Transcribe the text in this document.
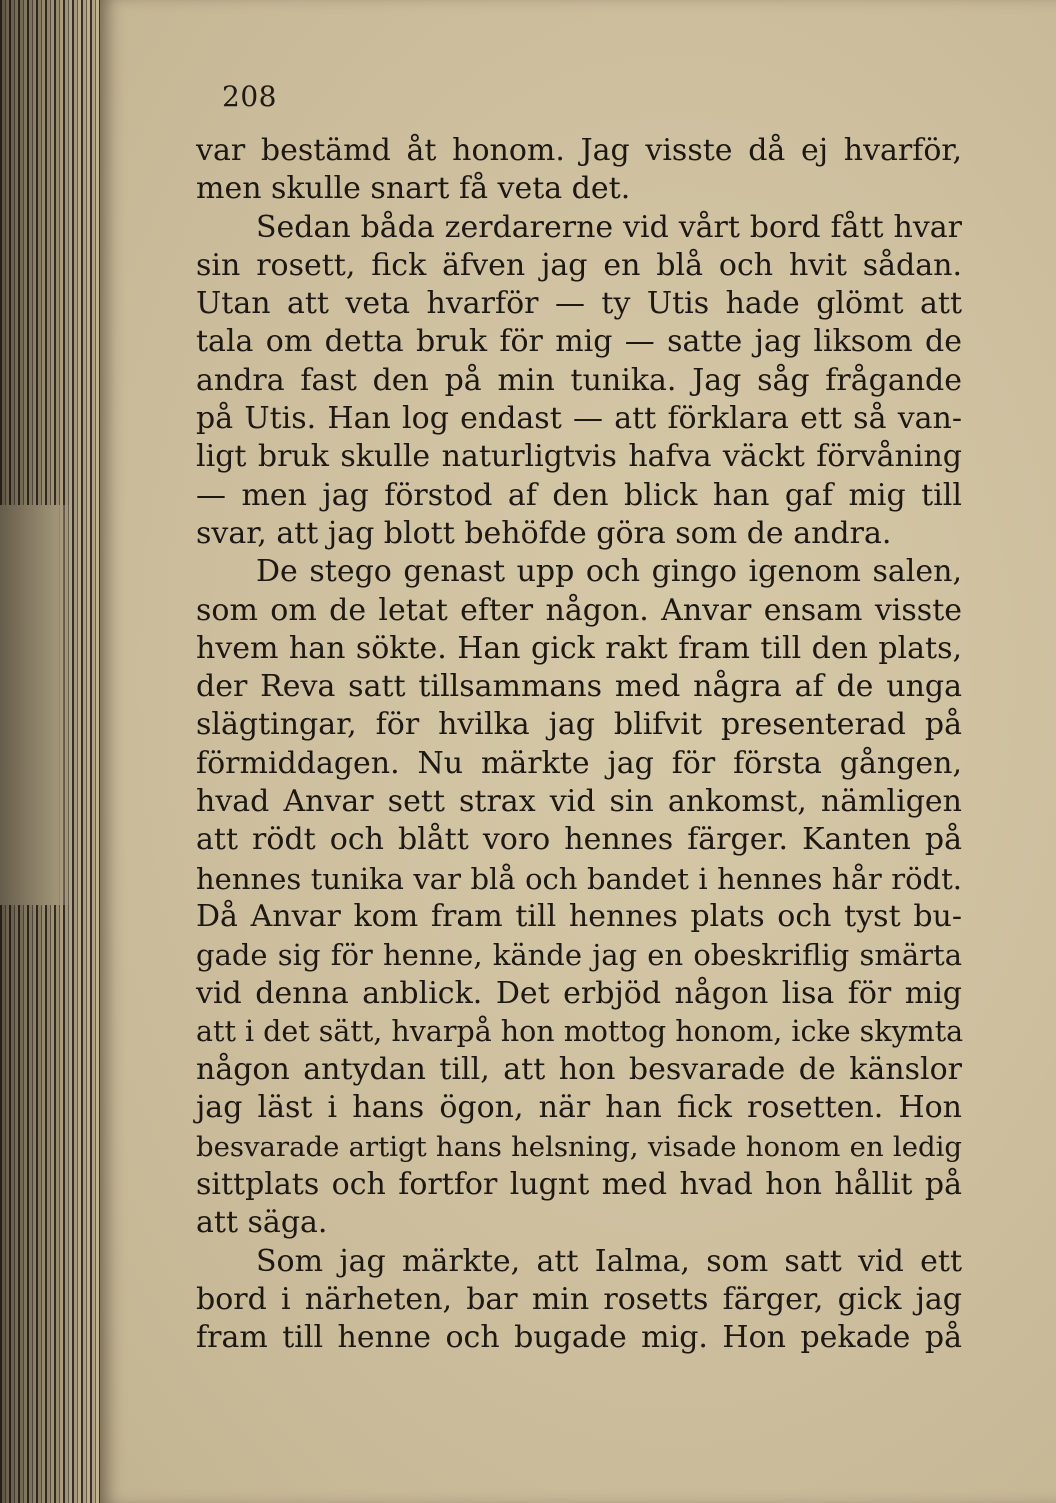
208
var bestämd åt honom. Jag visste då ej hvarför,
men skulle snart få veta det.
Sedan båda zerdarerne vid vårt bord fått hvar
sin rosett, fick äfven jag en blå och hvit sådan.
Utan att veta hvarför — ty Utis hade glömt att
tala om detta bruk för mig — satte jag liksom de
andra fast den på min tunika. Jag såg frågande
på Utis. Han log endast — att förklara ett så van-
ligt bruk skulle naturligtvis hafva väckt förvåning
— men jag förstod af den blick han gaf mig till
svar, att jag blott behöfde göra som de andra.
De stego genast upp och gingo igenom salen,
som om de letat efter någon. Anvar ensam visste
hvem han sökte. Han gick rakt fram till den plats,
der Reva satt tillsammans med några af de unga
slägtingar, för hvilka jag blifvit presenterad på
förmiddagen. Nu märkte jag för första gången,
hvad Anvar sett strax vid sin ankomst, nämligen
att rödt och blått voro hennes färger. Kanten på
hennes tunika var blå och bandet i hennes hår rödt.
Då Anvar kom fram till hennes plats och tyst bu-
gade sig för henne, kände jag en obeskriflig smärta
vid denna anblick. Det erbjöd någon lisa för mig
att i det sätt, hvarpå hon mottog honom, icke skymta
någon antydan till, att hon besvarade de känslor
jag läst i hans ögon, när han fick rosetten. Hon
besvarade artigt hans helsning, visade honom en ledig
sittplats och fortfor lugnt med hvad hon hållit på
att säga.
Som jag märkte, att Ialma, som satt vid ett
bord i närheten, bar min rosetts färger, gick jag
fram till henne och bugade mig. Hon pekade på
